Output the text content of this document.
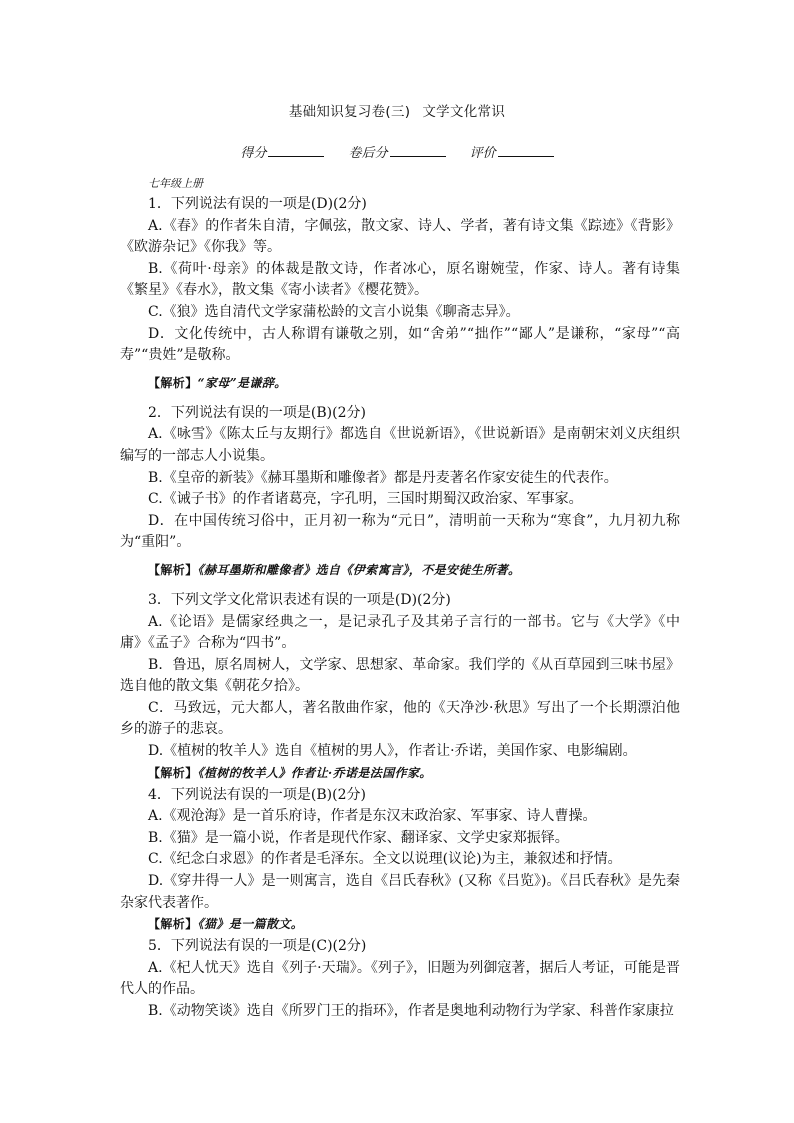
基础知识复习卷(三) 文学文化常识
得分	卷后分	评价
七年级上册

1．下列说法有误的一项是(D)(2分)

A.《春》的作者朱自清，字佩弦，散文家、诗人、学者，著有诗文集《踪迹》《背影》《欧游杂记》《你我》等。

B.《荷叶·母亲》的体裁是散文诗，作者冰心，原名谢婉莹，作家、诗人。著有诗集《繁星》《春水》，散文集《寄小读者》《樱花赞》。

C.《狼》选自清代文学家蒲松龄的文言小说集《聊斋志异》。

D．文化传统中，古人称谓有谦敬之别，如“舍弟”“拙作”“鄙人”是谦称，“家母”“高寿”“贵姓”是敬称。

【解析】“家母”是谦辞。

2．下列说法有误的一项是(B)(2分)

A.《咏雪》《陈太丘与友期行》都选自《世说新语》，《世说新语》是南朝宋刘义庆组织编写的一部志人小说集。

B.《皇帝的新装》《赫耳墨斯和雕像者》都是丹麦著名作家安徒生的代表作。

C.《诫子书》的作者诸葛亮，字孔明，三国时期蜀汉政治家、军事家。

D．在中国传统习俗中，正月初一称为“元日”，清明前一天称为“寒食”，九月初九称为“重阳”。

【解析】《赫耳墨斯和雕像者》选自《伊索寓言》，不是安徒生所著。

3．下列文学文化常识表述有误的一项是(D)(2分)

A.《论语》是儒家经典之一，是记录孔子及其弟子言行的一部书。它与《大学》《中庸》《孟子》合称为“四书”。

B．鲁迅，原名周树人，文学家、思想家、革命家。我们学的《从百草园到三味书屋》选自他的散文集《朝花夕拾》。

C．马致远，元大都人，著名散曲作家，他的《天净沙·秋思》写出了一个长期漂泊他乡的游子的悲哀。

D.《植树的牧羊人》选自《植树的男人》，作者让·乔诺，美国作家、电影编剧。

【解析】《植树的牧羊人》作者让·乔诺是法国作家。

4．下列说法有误的一项是(B)(2分)

A.《观沧海》是一首乐府诗，作者是东汉末政治家、军事家、诗人曹操。

B.《猫》是一篇小说，作者是现代作家、翻译家、文学史家郑振铎。

C.《纪念白求恩》的作者是毛泽东。全文以说理(议论)为主，兼叙述和抒情。

D.《穿井得一人》是一则寓言，选自《吕氏春秋》(又称《吕览》)。《吕氏春秋》是先秦杂家代表著作。

【解析】《猫》是一篇散文。

5．下列说法有误的一项是(C)(2分)

A.《杞人忧天》选自《列子·天瑞》。《列子》，旧题为列御寇著，据后人考证，可能是晋代人的作品。

B.《动物笑谈》选自《所罗门王的指环》，作者是奥地利动物行为学家、科普作家康拉
